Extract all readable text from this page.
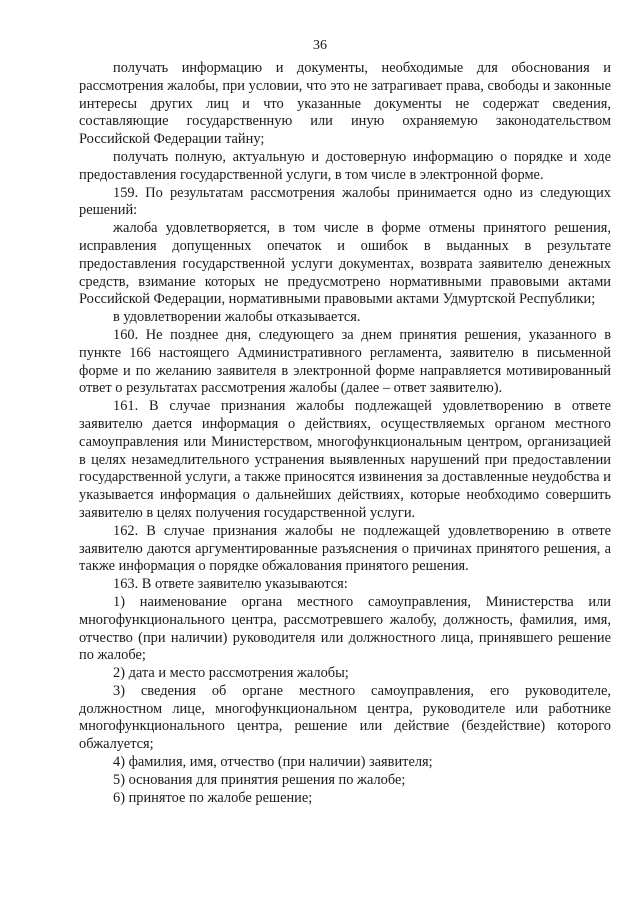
36

получать информацию и документы, необходимые для обоснования и рассмотрения жалобы, при условии, что это не затрагивает права, свободы и законные интересы других лиц и что указанные документы не содержат сведения, составляющие государственную или иную охраняемую законодательством Российской Федерации тайну;

получать полную, актуальную и достоверную информацию о порядке и ходе предоставления государственной услуги, в том числе в электронной форме.

159. По результатам рассмотрения жалобы принимается одно из следующих решений:

жалоба удовлетворяется, в том числе в форме отмены принятого решения, исправления допущенных опечаток и ошибок в выданных в результате предоставления государственной услуги документах, возврата заявителю денежных средств, взимание которых не предусмотрено нормативными правовыми актами Российской Федерации, нормативными правовыми актами Удмуртской Республики;

в удовлетворении жалобы отказывается.

160. Не позднее дня, следующего за днем принятия решения, указанного в пункте 166 настоящего Административного регламента, заявителю в письменной форме и по желанию заявителя в электронной форме направляется мотивированный ответ о результатах рассмотрения жалобы (далее – ответ заявителю).

161. В случае признания жалобы подлежащей удовлетворению в ответе заявителю дается информация о действиях, осуществляемых органом местного самоуправления или Министерством, многофункциональным центром, организацией в целях незамедлительного устранения выявленных нарушений при предоставлении государственной услуги, а также приносятся извинения за доставленные неудобства и указывается информация о дальнейших действиях, которые необходимо совершить заявителю в целях получения государственной услуги.

162. В случае признания жалобы не подлежащей удовлетворению в ответе заявителю даются аргументированные разъяснения о причинах принятого решения, а также информация о порядке обжалования принятого решения.

163. В ответе заявителю указываются:

1) наименование органа местного самоуправления, Министерства или многофункционального центра, рассмотревшего жалобу, должность, фамилия, имя, отчество (при наличии) руководителя или должностного лица, принявшего решение по жалобе;

2) дата и место рассмотрения жалобы;

3) сведения об органе местного самоуправления, его руководителе, должностном лице, многофункциональном центра, руководителе или работнике многофункционального центра, решение или действие (бездействие) которого обжалуется;

4) фамилия, имя, отчество (при наличии) заявителя;

5) основания для принятия решения по жалобе;

6) принятое по жалобе решение;
